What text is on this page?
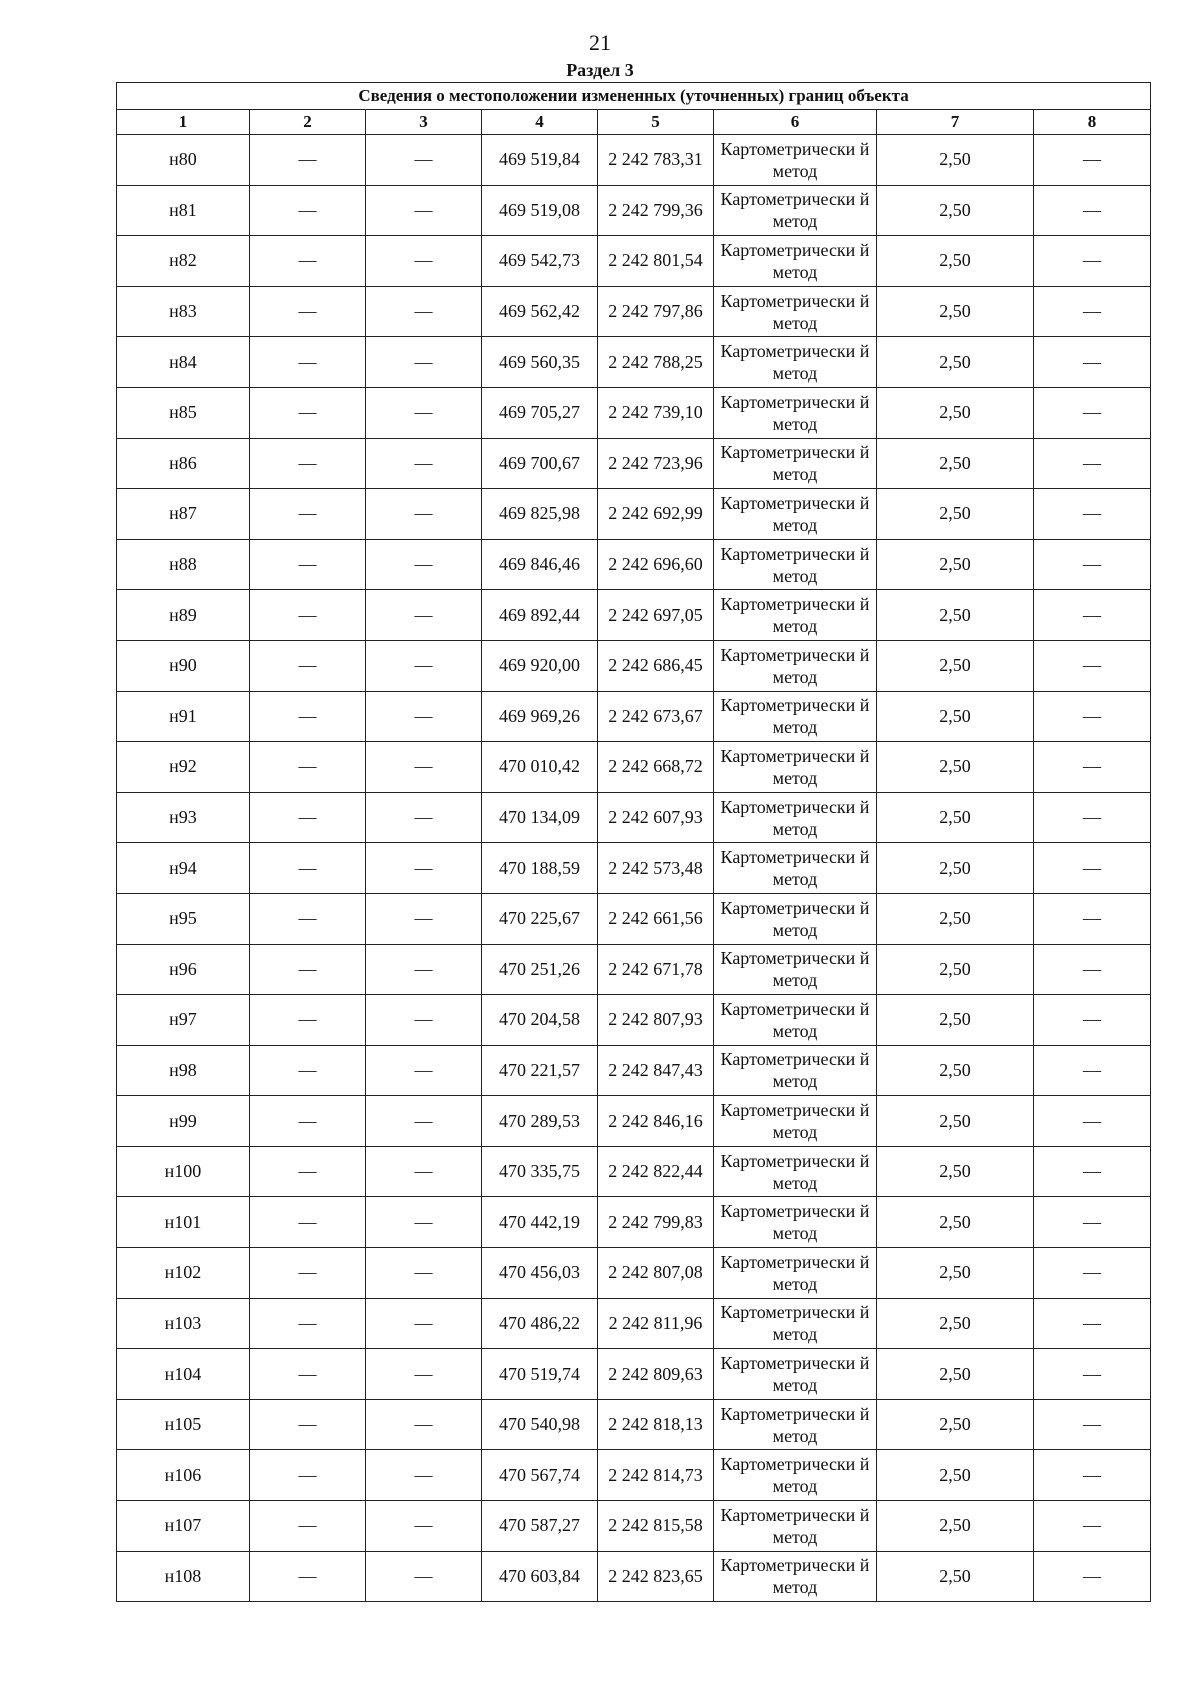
21
Раздел 3
Сведения о местоположении измененных (уточненных) границ объекта							
1	2	3	4	5	6	7	8
н80	—	—	469 519,84	2 242 783,31	Картометрически й метод	2,50	—
н81	—	—	469 519,08	2 242 799,36	Картометрически й метод	2,50	—
н82	—	—	469 542,73	2 242 801,54	Картометрически й метод	2,50	—
н83	—	—	469 562,42	2 242 797,86	Картометрически й метод	2,50	—
н84	—	—	469 560,35	2 242 788,25	Картометрически й метод	2,50	—
н85	—	—	469 705,27	2 242 739,10	Картометрически й метод	2,50	—
н86	—	—	469 700,67	2 242 723,96	Картометрически й метод	2,50	—
н87	—	—	469 825,98	2 242 692,99	Картометрически й метод	2,50	—
н88	—	—	469 846,46	2 242 696,60	Картометрически й метод	2,50	—
н89	—	—	469 892,44	2 242 697,05	Картометрически й метод	2,50	—
н90	—	—	469 920,00	2 242 686,45	Картометрически й метод	2,50	—
н91	—	—	469 969,26	2 242 673,67	Картометрически й метод	2,50	—
н92	—	—	470 010,42	2 242 668,72	Картометрически й метод	2,50	—
н93	—	—	470 134,09	2 242 607,93	Картометрически й метод	2,50	—
н94	—	—	470 188,59	2 242 573,48	Картометрически й метод	2,50	—
н95	—	—	470 225,67	2 242 661,56	Картометрически й метод	2,50	—
н96	—	—	470 251,26	2 242 671,78	Картометрически й метод	2,50	—
н97	—	—	470 204,58	2 242 807,93	Картометрически й метод	2,50	—
н98	—	—	470 221,57	2 242 847,43	Картометрически й метод	2,50	—
н99	—	—	470 289,53	2 242 846,16	Картометрически й метод	2,50	—
н100	—	—	470 335,75	2 242 822,44	Картометрически й метод	2,50	—
н101	—	—	470 442,19	2 242 799,83	Картометрически й метод	2,50	—
н102	—	—	470 456,03	2 242 807,08	Картометрически й метод	2,50	—
н103	—	—	470 486,22	2 242 811,96	Картометрически й метод	2,50	—
н104	—	—	470 519,74	2 242 809,63	Картометрически й метод	2,50	—
н105	—	—	470 540,98	2 242 818,13	Картометрически й метод	2,50	—
н106	—	—	470 567,74	2 242 814,73	Картометрически й метод	2,50	—
н107	—	—	470 587,27	2 242 815,58	Картометрически й метод	2,50	—
н108	—	—	470 603,84	2 242 823,65	Картометрически й метод	2,50	—
